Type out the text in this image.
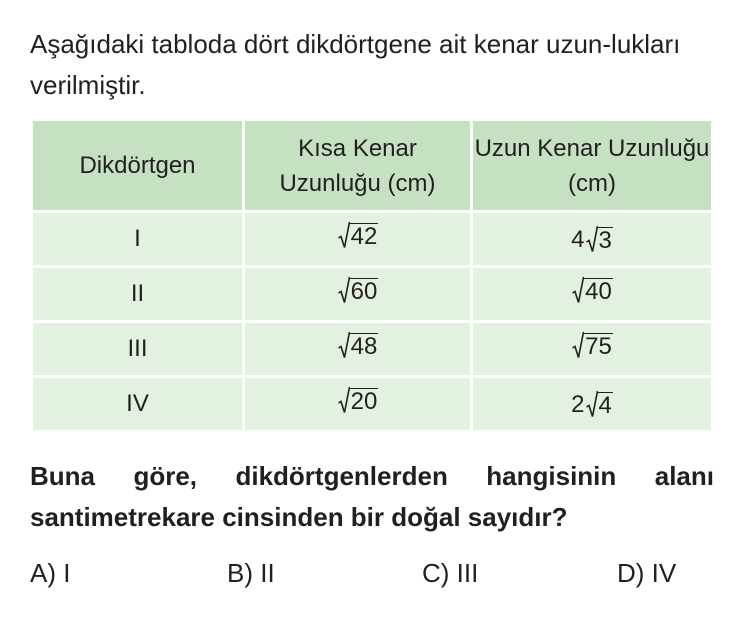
Aşağıdaki tabloda dört dikdörtgene ait kenar uzun-lukları verilmiştir.

Dikdörtgen	Kısa Kenar Uzunluğu (cm)	Uzun Kenar Uzunluğu (cm)
I	42	4 3

II	60	40

III	48	75

IV	20	2 4

Buna göre, dikdörtgenlerden hangisinin alanı santimetrekare cinsinden bir doğal sayıdır?

A) I	B) II	C) III	D) IV
